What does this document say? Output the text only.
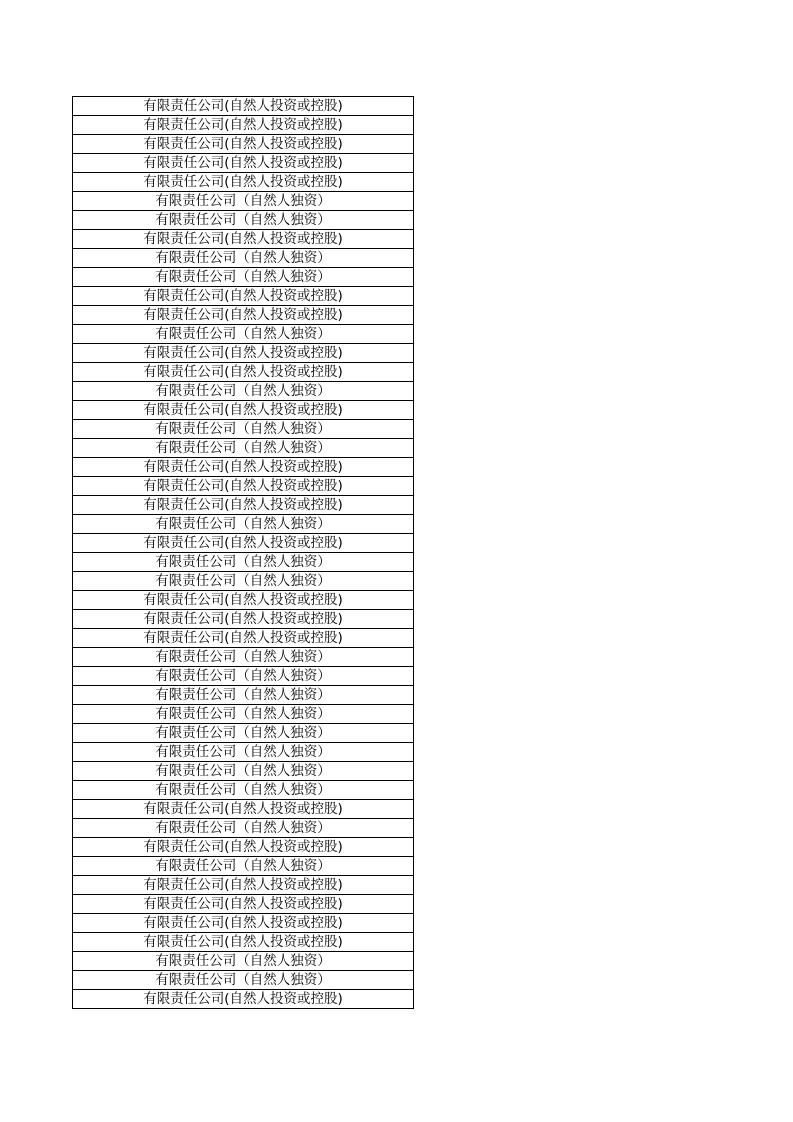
有限责任公司(自然人投资或控股)
有限责任公司(自然人投资或控股)
有限责任公司(自然人投资或控股)
有限责任公司(自然人投资或控股)
有限责任公司(自然人投资或控股)
有限责任公司（自然人独资）
有限责任公司（自然人独资）
有限责任公司(自然人投资或控股)
有限责任公司（自然人独资）
有限责任公司（自然人独资）
有限责任公司(自然人投资或控股)
有限责任公司(自然人投资或控股)
有限责任公司（自然人独资）
有限责任公司(自然人投资或控股)
有限责任公司(自然人投资或控股)
有限责任公司（自然人独资）
有限责任公司(自然人投资或控股)
有限责任公司（自然人独资）
有限责任公司（自然人独资）
有限责任公司(自然人投资或控股)
有限责任公司(自然人投资或控股)
有限责任公司(自然人投资或控股)
有限责任公司（自然人独资）
有限责任公司(自然人投资或控股)
有限责任公司（自然人独资）
有限责任公司（自然人独资）
有限责任公司(自然人投资或控股)
有限责任公司(自然人投资或控股)
有限责任公司(自然人投资或控股)
有限责任公司（自然人独资）
有限责任公司（自然人独资）
有限责任公司（自然人独资）
有限责任公司（自然人独资）
有限责任公司（自然人独资）
有限责任公司（自然人独资）
有限责任公司（自然人独资）
有限责任公司（自然人独资）
有限责任公司(自然人投资或控股)
有限责任公司（自然人独资）
有限责任公司(自然人投资或控股)
有限责任公司（自然人独资）
有限责任公司(自然人投资或控股)
有限责任公司(自然人投资或控股)
有限责任公司(自然人投资或控股)
有限责任公司(自然人投资或控股)
有限责任公司（自然人独资）
有限责任公司（自然人独资）
有限责任公司(自然人投资或控股)
